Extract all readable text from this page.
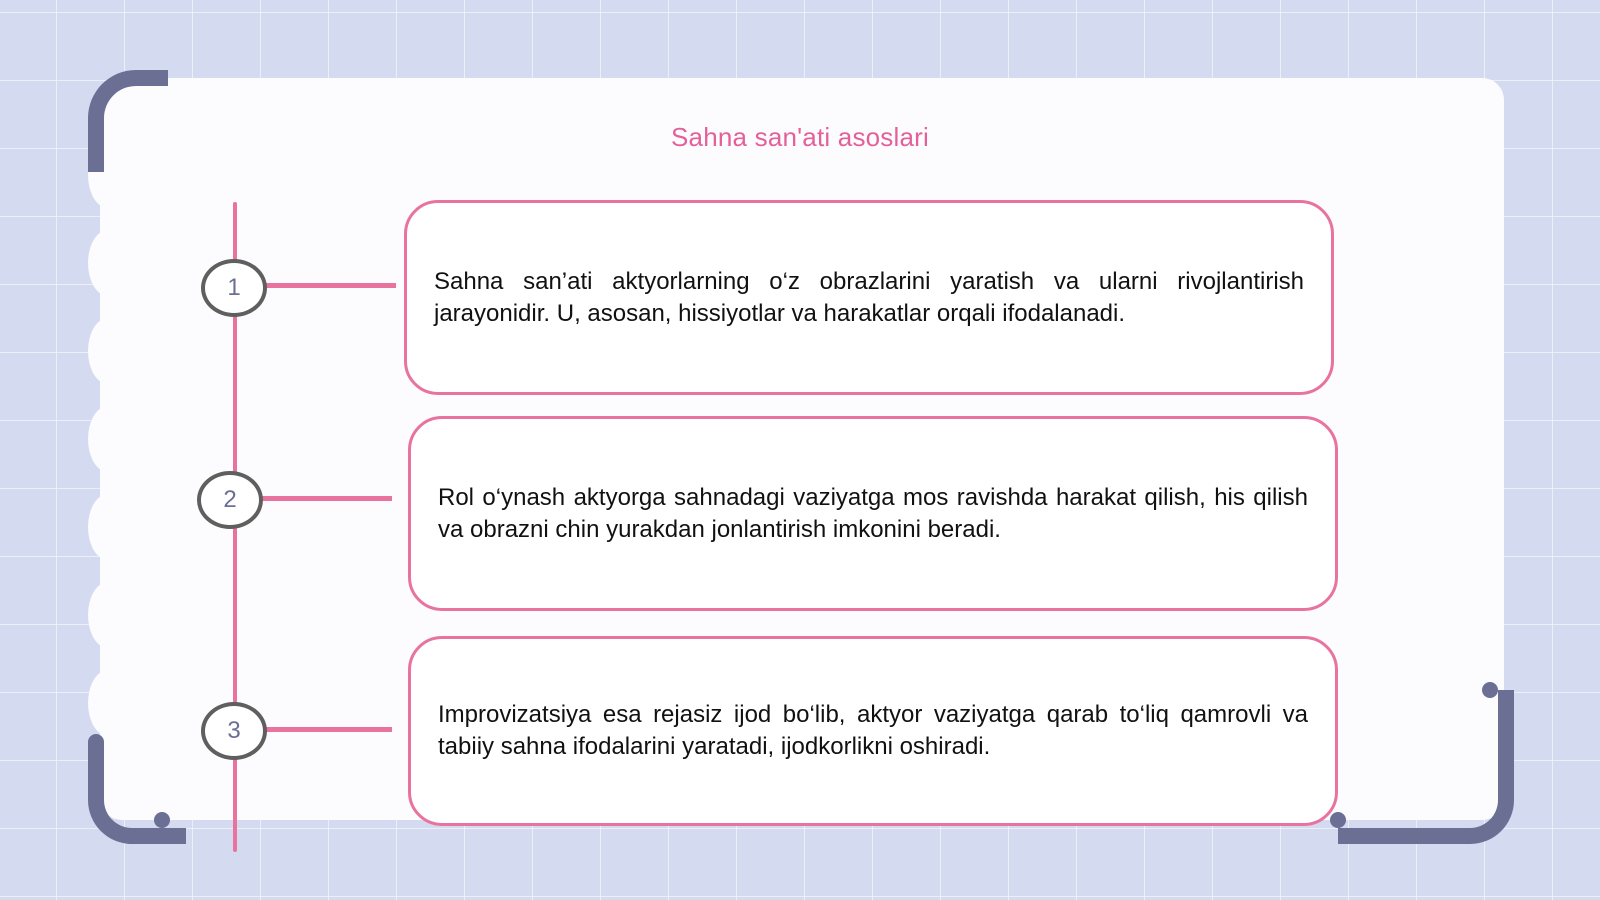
Sahna san'ati asoslari
1
2
3

Sahna san’ati aktyorlarning o‘z obrazlarini yaratish va ularni rivojlantirish jarayonidir. U, asosan, hissiyotlar va harakatlar orqali ifodalanadi.

Rol o‘ynash aktyorga sahnadagi vaziyatga mos ravishda harakat qilish, his qilish va obrazni chin yurakdan jonlantirish imkonini beradi.

Improvizatsiya esa rejasiz ijod bo‘lib, aktyor vaziyatga qarab to‘liq qamrovli va tabiiy sahna ifodalarini yaratadi, ijodkorlikni oshiradi.
